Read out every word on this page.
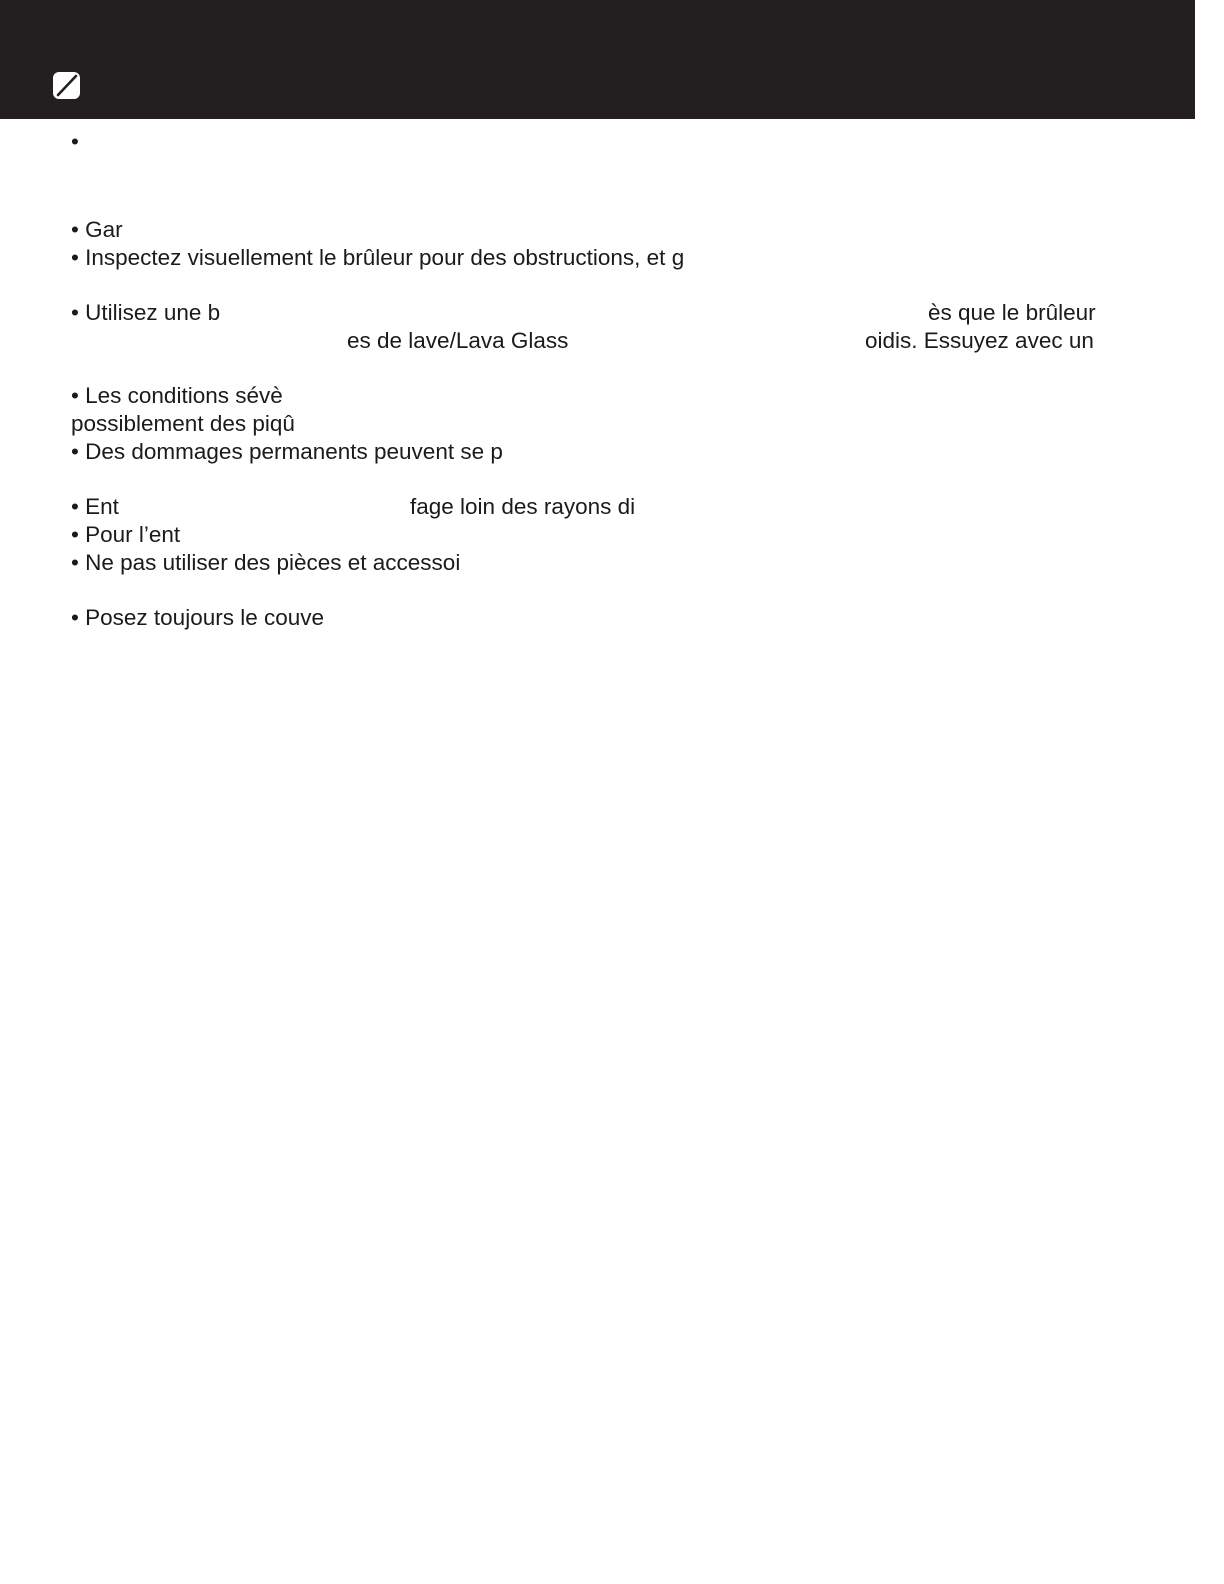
•

• Gar

• Inspectez visuellement le brûleur pour des obstructions, et g

• Utilisez une b	ès que le brûleur

es de lave/Lava Glass	oidis. Essuyez avec un

• Les conditions sévè

possiblement des piqû

• Des dommages permanents peuvent se p

• Ent	fage loin des rayons di

• Pour l’ent

• Ne pas utiliser des pièces et accessoi

• Posez toujours le couve
